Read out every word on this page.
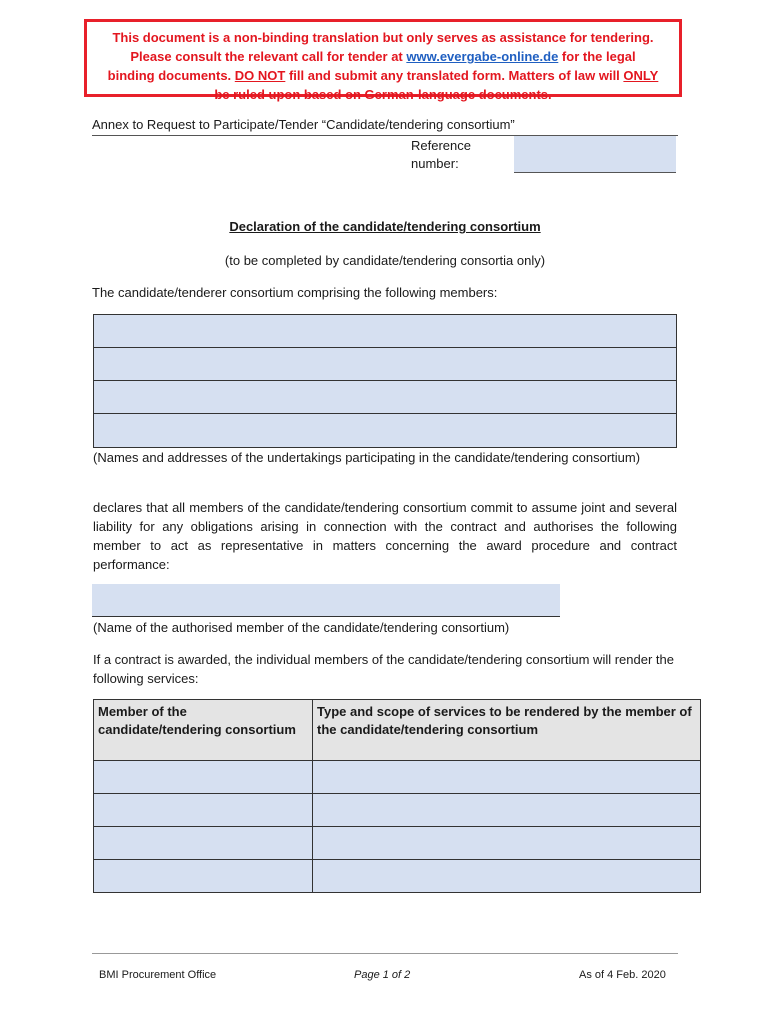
This document is a non-binding translation but only serves as assistance for tendering.
Please consult the relevant call for tender at www.evergabe-online.de for the legal
binding documents. DO NOT fill and submit any translated form. Matters of law will ONLY
be ruled upon based on German-language documents.
Annex to Request to Participate/Tender “Candidate/tendering consortium”
Reference
number:
Declaration of the candidate/tendering consortium
(to be completed by candidate/tendering consortia only)
The candidate/tenderer consortium comprising the following members:
(Names and addresses of the undertakings participating in the candidate/tendering consortium)
declares that all members of the candidate/tendering consortium commit to assume joint and several liability for any obligations arising in connection with the contract and authorises the following member to act as representative in matters concerning the award procedure and contract performance:
(Name of the authorised member of the candidate/tendering consortium)
If a contract is awarded, the individual members of the candidate/tendering consortium will render the following services:
Member of the candidate/tendering consortium	Type and scope of services to be rendered by the member of the candidate/tendering consortium

BMI Procurement Office	Page 1 of 2	As of 4 Feb. 2020
